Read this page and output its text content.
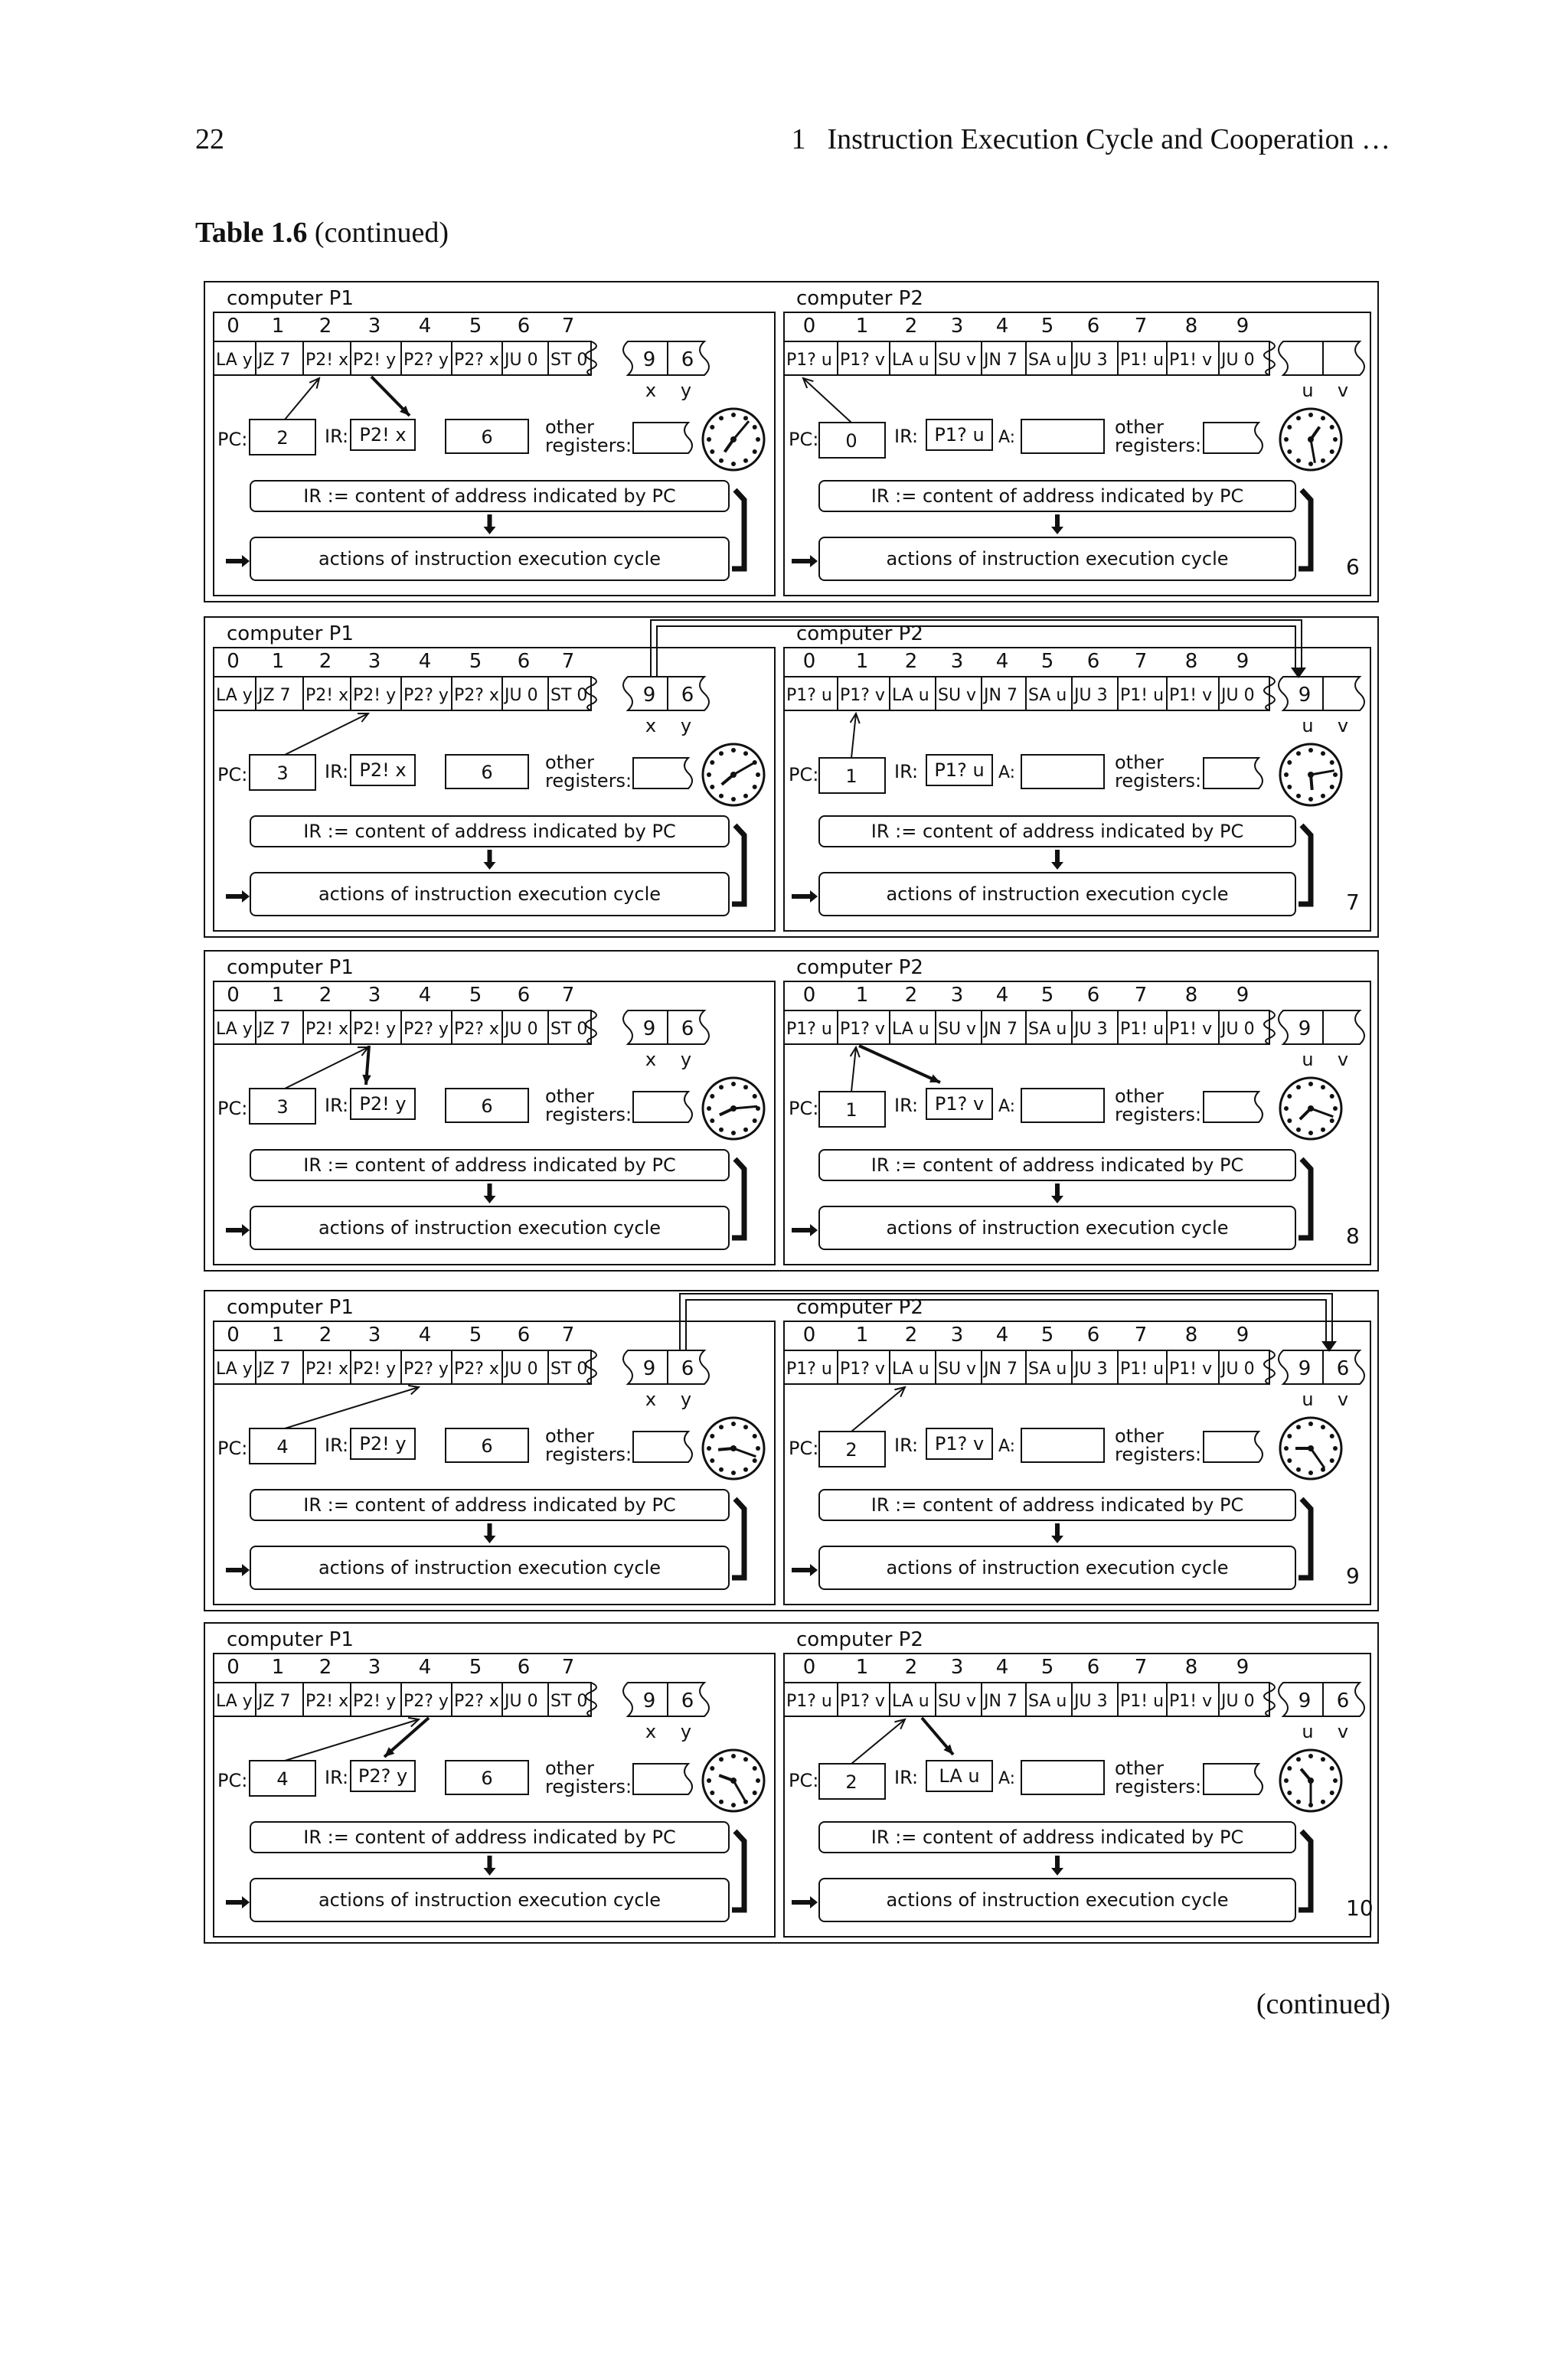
22	1 Instruction Execution Cycle and Cooperation …
Table 1.6 (continued)
computer P1
LA y
0
JZ 7
1
P2! x
2
P2! y
3
P2? y
4
P2? x
5
JU 0
6
ST 0
7
9 6
x y
PC: 2 IR: P2! x	6	other
registers:
IR := content of address indicated by PC
actions of instruction execution cycle
computer P2
P1? u
0
P1? v
1
LA u
2
SU v
3
JN 7
4
SA u
5
JU 3
6
P1! u
7
P1! v
8
JU 0
9
u v
PC: 0 IR: P1? u A:	other
registers:
IR := content of address indicated by PC
actions of instruction execution cycle	6
computer P1
LA y
0
JZ 7
1
P2! x
2
P2! y
3
P2? y
4
P2? x
5
JU 0
6
ST 0
7
9 6
x y
PC: 3 IR: P2! x	6	other
registers:
IR := content of address indicated by PC
actions of instruction execution cycle
computer P2
P1? u
0
P1? v
1
LA u
2
SU v
3
JN 7
4
SA u
5
JU 3
6
P1! u
7
P1! v
8
JU 0
9
9
u v
PC: 1 IR: P1? u A:	other
registers:
IR := content of address indicated by PC
actions of instruction execution cycle	7
computer P1
LA y
0
JZ 7
1
P2! x
2
P2! y
3
P2? y
4
P2? x
5
JU 0
6
ST 0
7
9 6
x y
PC: 3 IR: P2! y	6	other
registers:
IR := content of address indicated by PC
actions of instruction execution cycle
computer P2
P1? u
0
P1? v
1
LA u
2
SU v
3
JN 7
4
SA u
5
JU 3
6
P1! u
7
P1! v
8
JU 0
9
9
u v
PC: 1 IR: P1? v A:	other
registers:
IR := content of address indicated by PC
actions of instruction execution cycle	8
computer P1
LA y
0
JZ 7
1
P2! x
2
P2! y
3
P2? y
4
P2? x
5
JU 0
6
ST 0
7
9 6
x y
PC: 4 IR: P2! y	6	other
registers:
IR := content of address indicated by PC
actions of instruction execution cycle
computer P2
P1? u
0
P1? v
1
LA u
2
SU v
3
JN 7
4
SA u
5
JU 3
6
P1! u
7
P1! v
8
JU 0
9
9 6
u v
PC: 2 IR: P1? v A:	other
registers:
IR := content of address indicated by PC
actions of instruction execution cycle	9
computer P1
LA y
0
JZ 7
1
P2! x
2
P2! y
3
P2? y
4
P2? x
5
JU 0
6
ST 0
7
9 6
x y
PC: 4 IR: P2? y	6	other
registers:
IR := content of address indicated by PC
actions of instruction execution cycle
computer P2
P1? u
0
P1? v
1
LA u
2
SU v
3
JN 7
4
SA u
5
JU 3
6
P1! u
7
P1! v
8
JU 0
9
9 6
u v
PC: 2 IR: LA u A:	other
registers:
IR := content of address indicated by PC
actions of instruction execution cycle	10
(continued)
